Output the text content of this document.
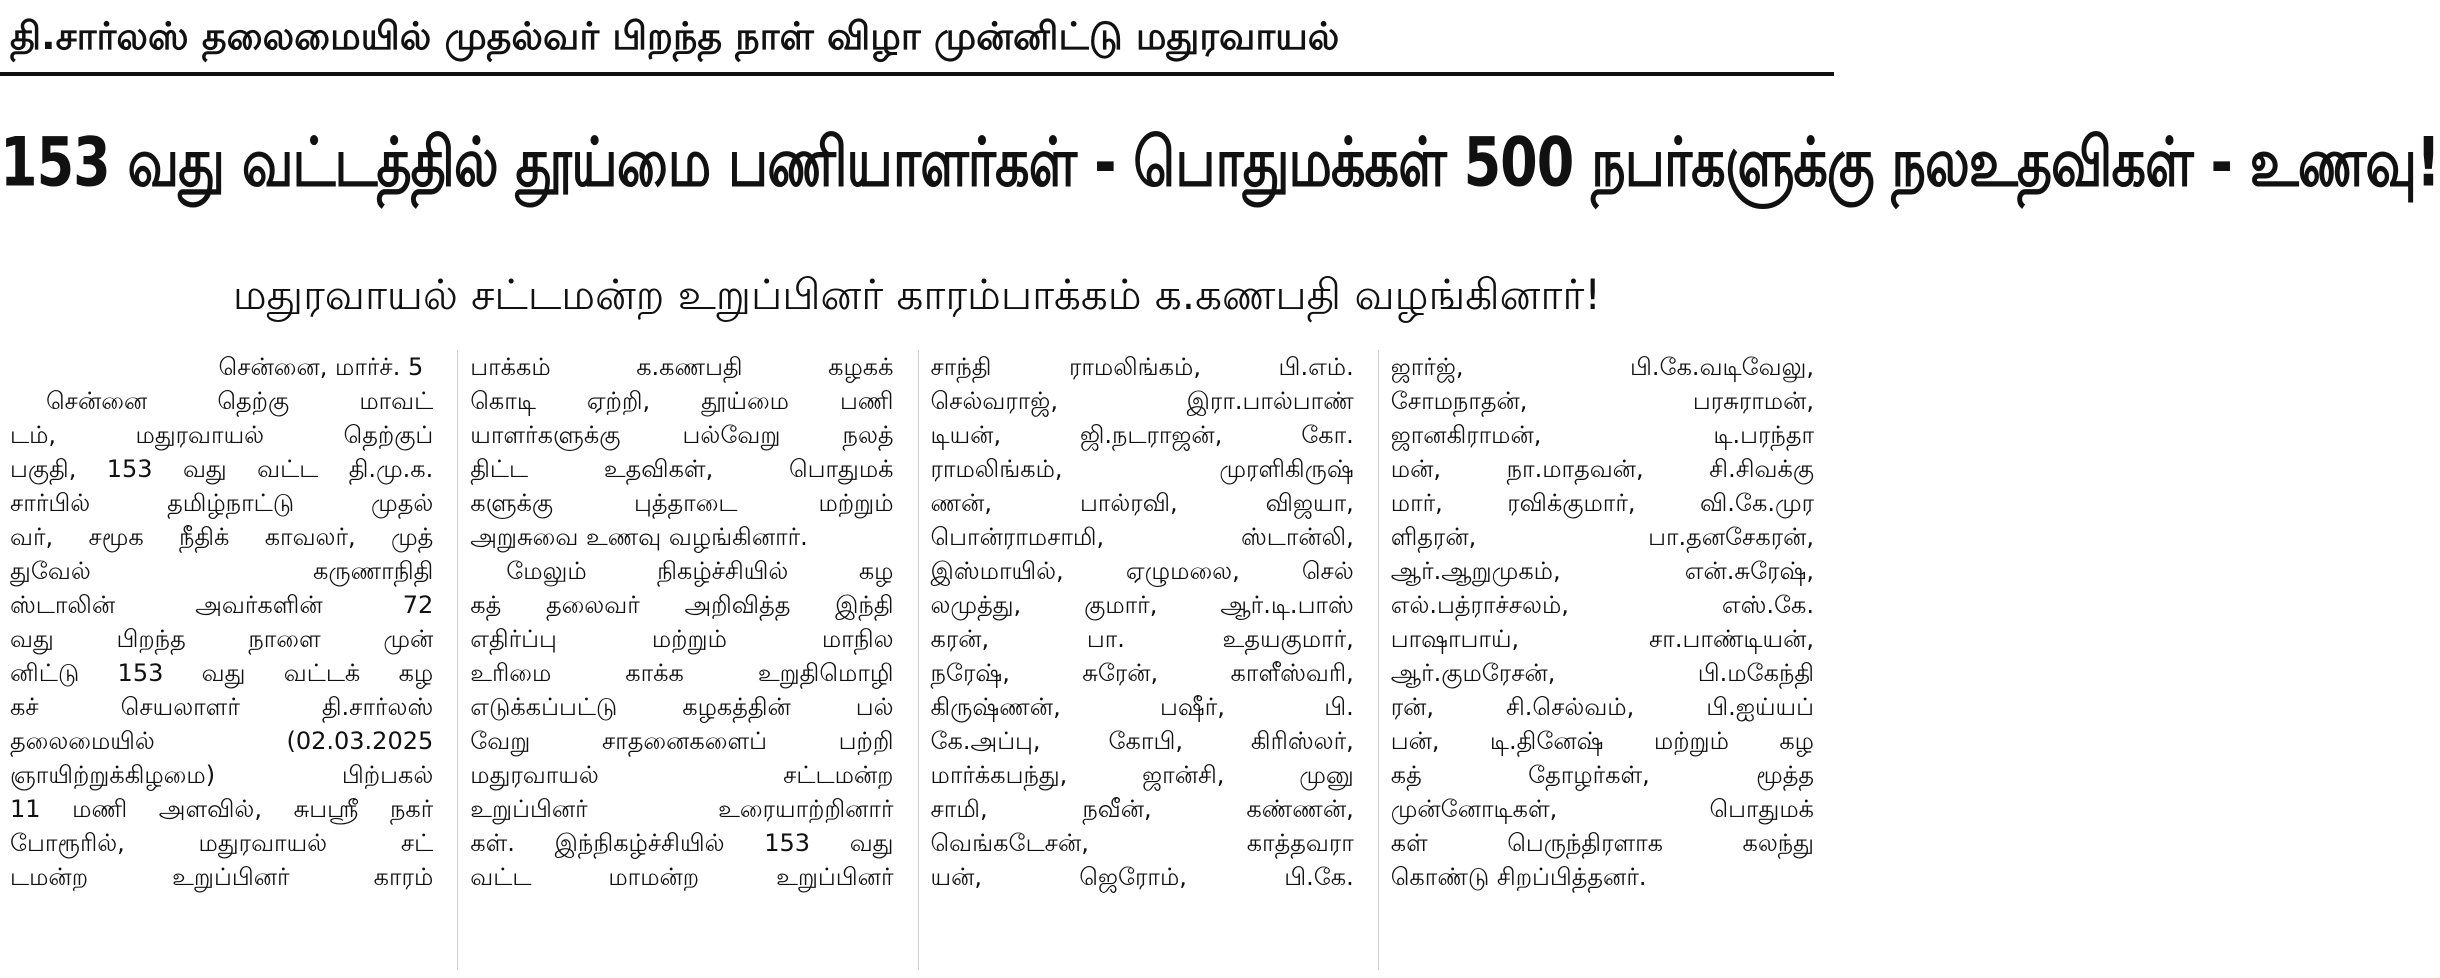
தி.சார்லஸ் தலைமையில் முதல்வர் பிறந்த நாள் விழா முன்னிட்டு மதுரவாயல்
153 வது வட்டத்தில் தூய்மை பணியாளர்கள் - பொதுமக்கள் 500 நபர்களுக்கு நலஉதவிகள் - உணவு!
மதுரவாயல் சட்டமன்ற உறுப்பினர் காரம்பாக்கம் க.கணபதி வழங்கினார்!
சென்னை, மார்ச். 5
சென்னை தெற்கு மாவட்
டம், மதுரவாயல் தெற்குப்
பகுதி, 153 வது வட்ட தி.மு.க.
சார்பில் தமிழ்நாட்டு முதல்
வர், சமூக நீதிக் காவலர், முத்
துவேல் கருணாநிதி
ஸ்டாலின் அவர்களின் 72
வது பிறந்த நாளை முன்
னிட்டு 153 வது வட்டக் கழ
கச் செயலாளர் தி.சார்லஸ்
தலைமையில் (02.03.2025
ஞாயிற்றுக்கிழமை) பிற்பகல்
11 மணி அளவில், சுபஸ்ரீ நகர்
போரூரில், மதுரவாயல் சட்
டமன்ற உறுப்பினர் காரம்
பாக்கம் க.கணபதி கழகக்
கொடி ஏற்றி, தூய்மை பணி
யாளர்களுக்கு பல்வேறு நலத்
திட்ட உதவிகள், பொதுமக்
களுக்கு புத்தாடை மற்றும்
அறுசுவை உணவு வழங்கினார்.
மேலும் நிகழ்ச்சியில் கழ
கத் தலைவர் அறிவித்த இந்தி
எதிர்ப்பு மற்றும் மாநில
உரிமை காக்க உறுதிமொழி
எடுக்கப்பட்டு கழகத்தின் பல்
வேறு சாதனைகளைப் பற்றி
மதுரவாயல் சட்டமன்ற
உறுப்பினர் உரையாற்றினார்
கள். இந்நிகழ்ச்சியில் 153 வது
வட்ட மாமன்ற உறுப்பினர்
சாந்தி ராமலிங்கம், பி.எம்.
செல்வராஜ், இரா.பால்பாண்
டியன், ஜி.நடராஜன், கோ.
ராமலிங்கம், முரளிகிருஷ்
ணன், பால்ரவி, விஜயா,
பொன்ராமசாமி, ஸ்டான்லி,
இஸ்மாயில், ஏழுமலை, செல்
லமுத்து, குமார், ஆர்.டி.பாஸ்
கரன், பா. உதயகுமார்,
நரேஷ், சுரேன், காளீஸ்வரி,
கிருஷ்ணன், பஷீர், பி.
கே.அப்பு, கோபி, கிரிஸ்லர்,
மார்க்கபந்து, ஜான்சி, முனு
சாமி, நவீன், கண்ணன்,
வெங்கடேசன், காத்தவரா
யன், ஜெரோம், பி.கே.
ஜார்ஜ், பி.கே.வடிவேலு,
சோமநாதன், பரசுராமன்,
ஜானகிராமன், டி.பரந்தா
மன், நா.மாதவன், சி.சிவக்கு
மார், ரவிக்குமார், வி.கே.முர
ளிதரன், பா.தனசேகரன்,
ஆர்.ஆறுமுகம், என்.சுரேஷ்,
எல்.பத்ராச்சலம், எஸ்.கே.
பாஷாபாய், சா.பாண்டியன்,
ஆர்.குமரேசன், பி.மகேந்தி
ரன், சி.செல்வம், பி.ஐய்யப்
பன், டி.தினேஷ் மற்றும் கழ
கத் தோழர்கள், மூத்த
முன்னோடிகள், பொதுமக்
கள் பெருந்திரளாக கலந்து
கொண்டு சிறப்பித்தனர்.
